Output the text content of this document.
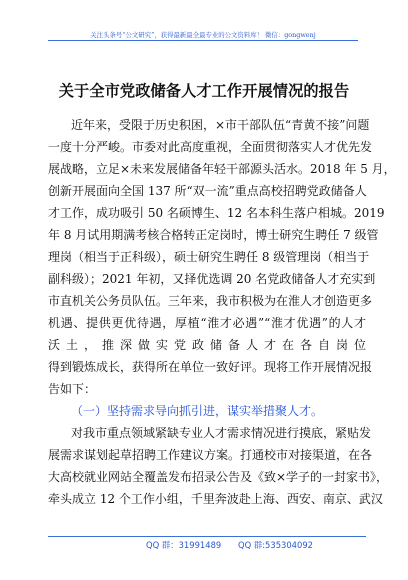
关注头条号“公文研究”，获得最新最全最专业的公文资料库！ 微信：gongwenj
关于全市党政储备人才工作开展情况的报告
近年来，受限于历史积困，×市干部队伍“青黄不接”问题
一度十分严峻。市委对此高度重视，全面贯彻落实人才优先发
展战略，立足×未来发展储备年轻干部源头活水。2018 年 5 月，
创新开展面向全国 137 所“双一流”重点高校招聘党政储备人
才工作，成功吸引 50 名硕博生、12 名本科生落户相城。2019
年 8 月试用期满考核合格转正定岗时，博士研究生聘任 7 级管
理岗（相当于正科级），硕士研究生聘任 8 级管理岗（相当于
副科级）；2021 年初，又择优选调 20 名党政储备人才充实到
市直机关公务员队伍。三年来，我市积极为在淮人才创造更多
机遇、提供更优待遇，厚植“淮才必遇”“淮才优遇”的人才
沃土，推深做实党政储备人才在各自岗位
得到锻炼成长，获得所在单位一致好评。现将工作开展情况报
告如下：
（一）坚持需求导向抓引进，谋实举措聚人才。
对我市重点领域紧缺专业人才需求情况进行摸底，紧贴发
展需求谋划起草招聘工作建议方案。打通校市对接渠道，在各
大高校就业网站全覆盖发布招录公告及《致×学子的一封家书》，
牵头成立 12 个工作小组，千里奔波赴上海、西安、南京、武汉
QQ 群：31991489 QQ 群:535304092
